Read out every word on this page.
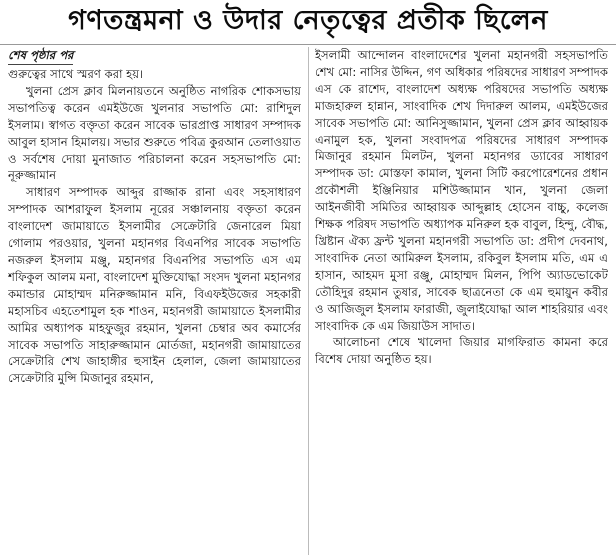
গণতন্ত্রমনা ও উদার নেতৃত্বের প্রতীক ছিলেন
শেষ পৃষ্ঠার পর

গুরুত্বের সাথে স্মরণ করা হয়।

খুলনা প্রেস ক্লাব মিলনায়তনে অনুষ্ঠিত নাগরিক শোকসভায় সভাপতিত্ব করেন এমইউজে খুলনার সভাপতি মো: রাশিদুল ইসলাম। স্বাগত বক্তৃতা করেন সাবেক ভারপ্রাপ্ত সাধারণ সম্পাদক আবুল হাসান হিমালয়। সভার শুরুতে পবিত্র কুরআন তেলাওয়াত ও সর্বশেষ দোয়া মুনাজাত পরিচালনা করেন সহসভাপতি মো: নূরুজ্জামান

সাধারণ সম্পাদক আব্দুর রাজ্জাক রানা এবং সহসাধারণ সম্পাদক আশরাফুল ইসলাম নূরের সঞ্চালনায় বক্তৃতা করেন বাংলাদেশ জামায়াতে ইসলামীর সেক্রেটারি জেনারেল মিয়া গোলাম পরওয়ার, খুলনা মহানগর বিএনপির সাবেক সভাপতি নজরুল ইসলাম মঞ্জু, মহানগর বিএনপির সভাপতি এস এম শফিকুল আলম মনা, বাংলাদেশ মুক্তিযোদ্ধা সংসদ খুলনা মহানগর কমান্ডার মোহাম্মদ মনিরুজ্জামান মনি, বিএফইউজের সহকারী মহাসচিব এহতেশামুল হক শাওন, মহানগরী জামায়াতে ইসলামীর আমির অধ্যাপক মাহফুজুর রহমান, খুলনা চেম্বার অব কমার্সের সাবেক সভাপতি সাহারুজ্জামান মোর্তজা, মহানগরী জামায়াতের সেক্রেটারি শেখ জাহাঙ্গীর হুসাইন হেলাল, জেলা জামায়াতের সেক্রেটারি মুন্সি মিজানুর রহমান,

ইসলামী আন্দোলন বাংলাদেশের খুলনা মহানগরী সহসভাপতি শেখ মো: নাসির উদ্দিন, গণ অধিকার পরিষদের সাধারণ সম্পাদক এস কে রাশেদ, বাংলাদেশ অধ্যক্ষ পরিষদের সভাপতি অধ্যক্ষ মাজহারুল হান্নান, সাংবাদিক শেখ দিদারুল আলম, এমইউজের সাবেক সভাপতি মো: আনিসুজ্জামান, খুলনা প্রেস ক্লাব আহ্বায়ক এনামুল হক, খুলনা সংবাদপত্র পরিষদের সাধারণ সম্পাদক মিজানুর রহমান মিলটন, খুলনা মহানগর ড্যাবের সাধারণ সম্পাদক ডা: মোস্তফা কামাল, খুলনা সিটি করপোরেশনের প্রধান প্রকৌশলী ইঞ্জিনিয়ার মশিউজ্জামান খান, খুলনা জেলা আইনজীবী সমিতির আহ্বায়ক আব্দুল্লাহ হোসেন বাচ্চু, কলেজ শিক্ষক পরিষদ সভাপতি অধ্যাপক মনিরুল হক বাবুল, হিন্দু, বৌদ্ধ, খ্রিষ্টান ঐক্য ফ্রন্ট খুলনা মহানগরী সভাপতি ডা: প্রদীপ দেবনাথ, সাংবাদিক নেতা আমিরুল ইসলাম, রকিবুল ইসলাম মতি, এম এ হাসান, আহমদ মুসা রঞ্জু, মোহাম্মদ মিলন, পিপি অ্যাডভোকেট তৌহিদুর রহমান তুষার, সাবেক ছাত্রনেতা কে এম হুমায়ুন কবীর ও আজিজুল ইসলাম ফারাজী, জুলাইযোদ্ধা আল শাহরিয়ার এবং সাংবাদিক কে এম জিয়াউস সাদাত।

আলোচনা শেষে খালেদা জিয়ার মাগফিরাত কামনা করে বিশেষ দোয়া অনুষ্ঠিত হয়।
